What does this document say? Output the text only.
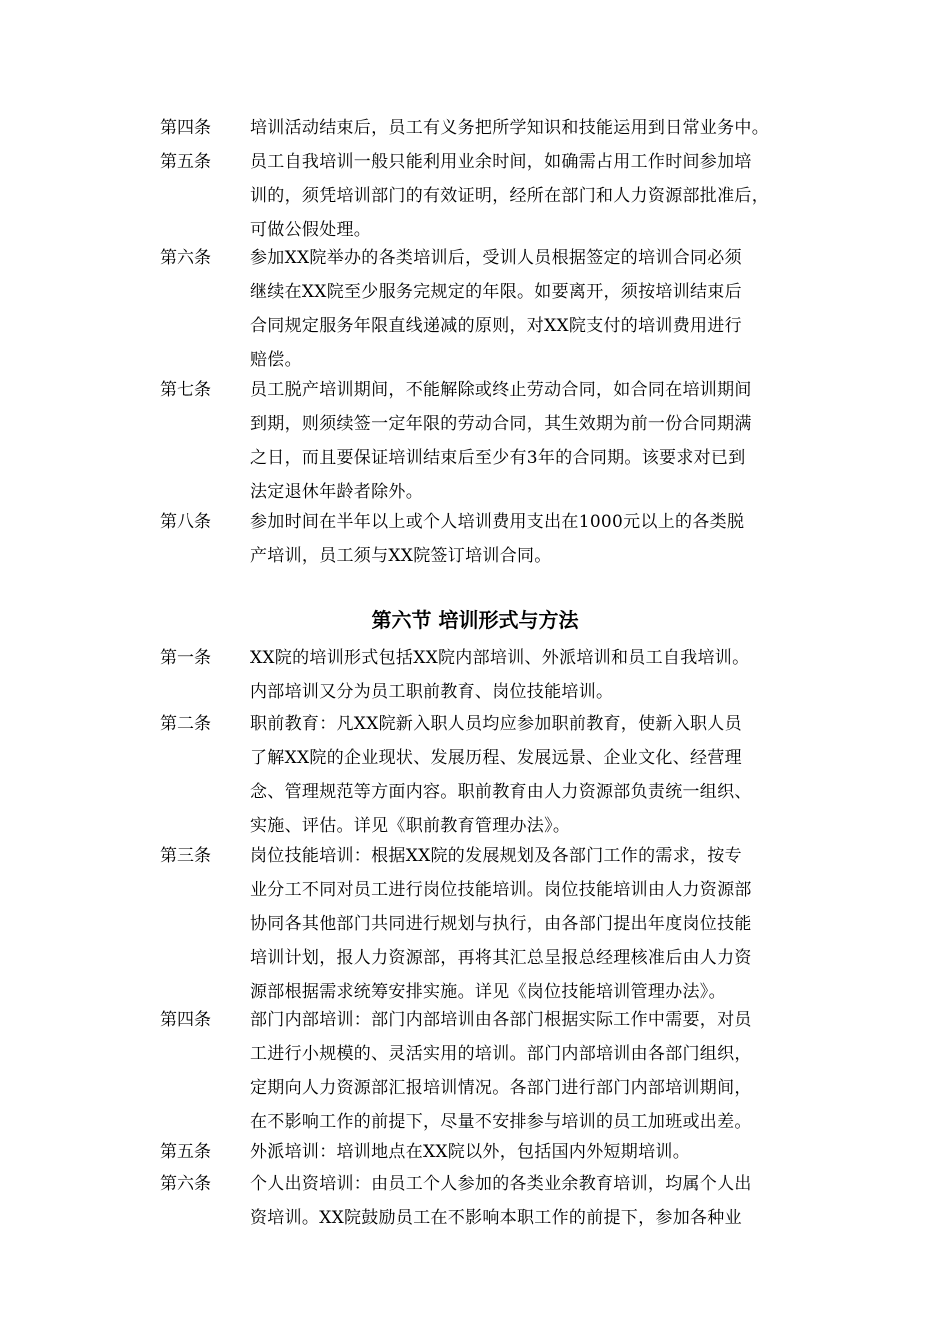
第四条 培训活动结束后，员工有义务把所学知识和技能运用到日常业务中。
第五条 员工自我培训一般只能利用业余时间，如确需占用工作时间参加培
训的，须凭培训部门的有效证明，经所在部门和人力资源部批准后，
可做公假处理。
第六条 参加XX院举办的各类培训后，受训人员根据签定的培训合同必须
继续在XX院至少服务完规定的年限。如要离开，须按培训结束后
合同规定服务年限直线递减的原则，对XX院支付的培训费用进行
赔偿。
第七条 员工脱产培训期间，不能解除或终止劳动合同，如合同在培训期间
到期，则须续签一定年限的劳动合同，其生效期为前一份合同期满
之日，而且要保证培训结束后至少有3年的合同期。该要求对已到
法定退休年龄者除外。
第八条 参加时间在半年以上或个人培训费用支出在1000元以上的各类脱
产培训，员工须与XX院签订培训合同。
第六节 培训形式与方法
第一条 XX院的培训形式包括XX院内部培训、外派培训和员工自我培训。
内部培训又分为员工职前教育、岗位技能培训。
第二条 职前教育：凡XX院新入职人员均应参加职前教育，使新入职人员
了解XX院的企业现状、发展历程、发展远景、企业文化、经营理
念、管理规范等方面内容。职前教育由人力资源部负责统一组织、
实施、评估。详见《职前教育管理办法》。
第三条 岗位技能培训：根据XX院的发展规划及各部门工作的需求，按专
业分工不同对员工进行岗位技能培训。岗位技能培训由人力资源部
协同各其他部门共同进行规划与执行，由各部门提出年度岗位技能
培训计划，报人力资源部，再将其汇总呈报总经理核准后由人力资
源部根据需求统筹安排实施。详见《岗位技能培训管理办法》。
第四条 部门内部培训：部门内部培训由各部门根据实际工作中需要，对员
工进行小规模的、灵活实用的培训。部门内部培训由各部门组织，
定期向人力资源部汇报培训情况。各部门进行部门内部培训期间，
在不影响工作的前提下，尽量不安排参与培训的员工加班或出差。
第五条 外派培训：培训地点在XX院以外，包括国内外短期培训。
第六条 个人出资培训：由员工个人参加的各类业余教育培训，均属个人出
资培训。XX院鼓励员工在不影响本职工作的前提下，参加各种业
